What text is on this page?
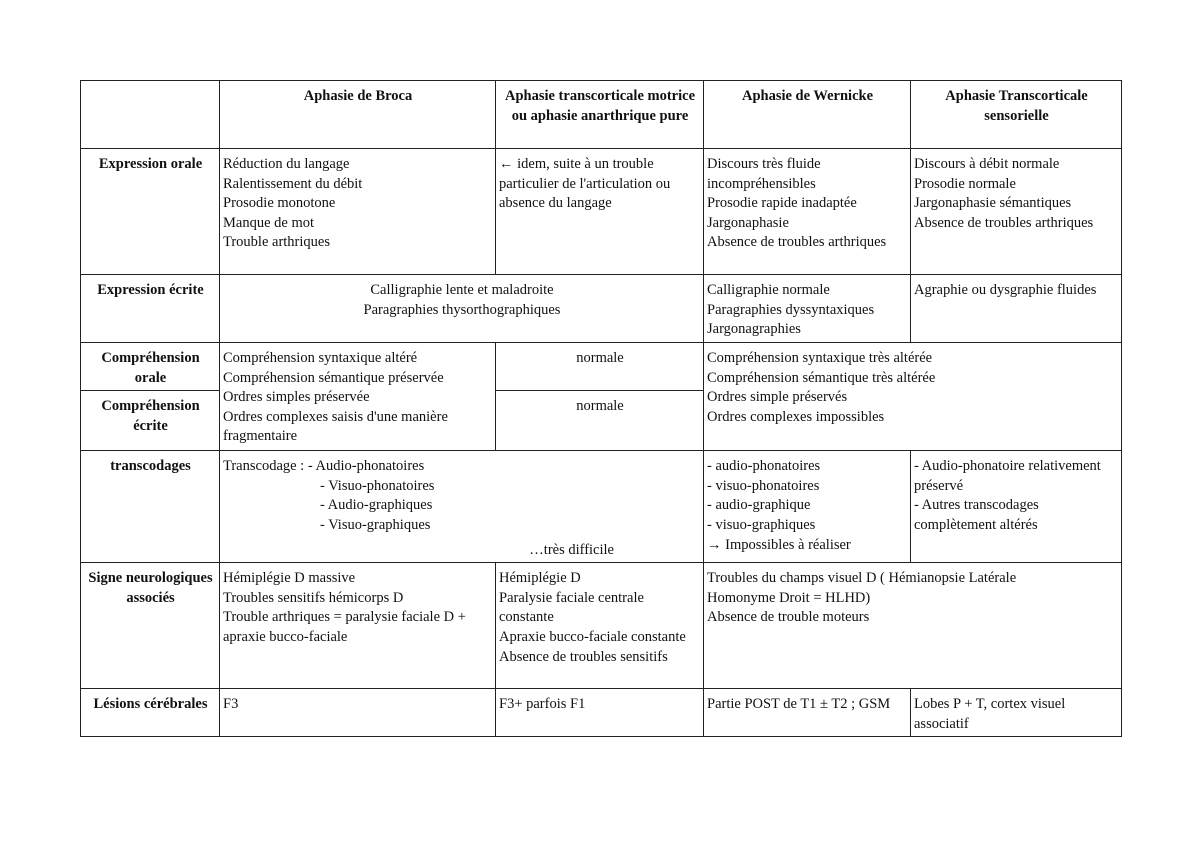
	Aphasie de Broca	Aphasie transcorticale motrice ou aphasie anarthrique pure	Aphasie de Wernicke	Aphasie Transcorticale sensorielle
Expression orale	Réduction du langage
Ralentissement du débit
Prosodie monotone
Manque de mot
Trouble arthriques	← idem, suite à un trouble particulier de l'articulation ou absence du langage	Discours très fluide incompréhensibles
Prosodie rapide inadaptée
Jargonaphasie
Absence de troubles arthriques	Discours à débit normale
Prosodie normale
Jargonaphasie sémantiques
Absence de troubles arthriques

Expression écrite	Calligraphie lente et maladroite
Paragraphies thysorthographiques		Calligraphie normale
Paragraphies dyssyntaxiques
Jargonagraphies	Agraphie ou dysgraphie fluides

Compréhension orale	Compréhension syntaxique altéré
Compréhension sémantique préservée
Ordres simples préservée
Ordres complexes saisis d'une manière fragmentaire	normale	Compréhension syntaxique très altérée
Compréhension sémantique très altérée
Ordres simple préservés
Ordres complexes impossibles	

Compréhension écrite		normale		
transcodages	Transcodage : - Audio-phonatoires
- Visuo-phonatoires
- Audio-graphiques
- Visuo-graphiques
…très difficile		- audio-phonatoires
- visuo-phonatoires
- audio-graphique
- visuo-graphiques
→ Impossibles à réaliser	- Audio-phonatoire relativement préservé
- Autres transcodages complètement altérés

Signe neurologiques associés	Hémiplégie D massive
Troubles sensitifs hémicorps D
Trouble arthriques = paralysie faciale D + apraxie bucco-faciale	Hémiplégie D
Paralysie faciale centrale constante
Apraxie bucco-faciale constante
Absence de troubles sensitifs	Troubles du champs visuel D ( Hémianopsie Latérale Homonyme Droit = HLHD)
Absence de trouble moteurs	

Lésions cérébrales	F3	F3+ parfois F1	Partie POST de T1 ± T2 ; GSM	Lobes P + T, cortex visuel associatif
